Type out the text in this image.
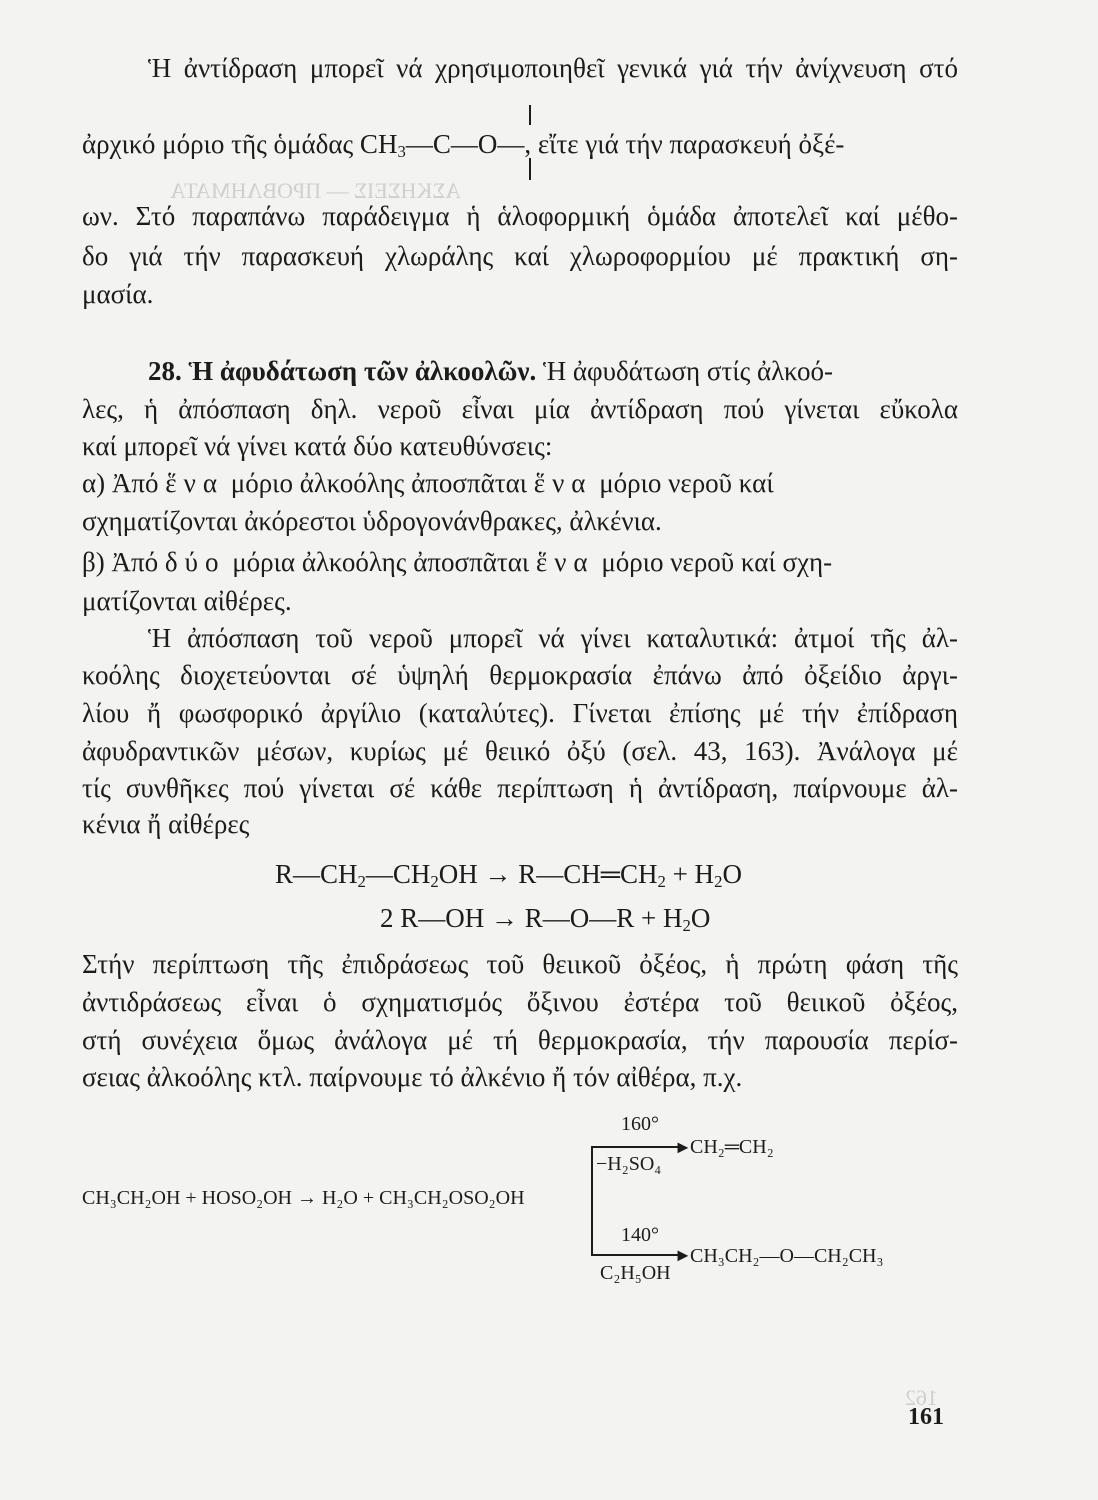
ΑΣΚΗΣΕΙΣ — ΠΡΟΒΛΗΜΑΤΑ
162
Ἡ ἀντίδραση μπορεῖ νά χρησιμοποιηθεῖ γενικά γιά τήν ἀνίχνευση στό
ἀρχικό μόριο τῆς ὁμάδας $CH_3—C—O—$, εἴτε γιά τήν παρασκευή ὀξέ-
ων. Στό παραπάνω παράδειγμα ἡ ἁλοφορμική ὁμάδα ἀποτελεῖ καί μέθο-
δο γιά τήν παρασκευή χλωράλης καί χλωροφορμίου μέ πρακτική ση-
μασία.
28. Ἡ ἀφυδάτωση τῶν ἀλκοολῶν. Ἡ ἀφυδάτωση στίς ἀλκοό-
λες, ἡ ἀπόσπαση δηλ. νεροῦ εἶναι μία ἀντίδραση πού γίνεται εὔκολα
καί μπορεῖ νά γίνει κατά δύο κατευθύνσεις:
α) Ἀπό ἕνα μόριο ἀλκοόλης ἀποσπᾶται ἕνα μόριο νεροῦ καί
σχηματίζονται ἀκόρεστοι ὑδρογονάνθρακες, ἀλκένια.
β) Ἀπό δύο μόρια ἀλκοόλης ἀποσπᾶται ἕνα μόριο νεροῦ καί σχη-
ματίζονται αἰθέρες.
Ἡ ἀπόσπαση τοῦ νεροῦ μπορεῖ νά γίνει καταλυτικά: ἀτμοί τῆς ἀλ-
κοόλης διοχετεύονται σέ ὑψηλή θερμοκρασία ἐπάνω ἀπό ὀξείδιο ἀργι-
λίου ἤ φωσφορικό ἀργίλιο (καταλύτες). Γίνεται ἐπίσης μέ τήν ἐπίδραση
ἀφυδραντικῶν μέσων, κυρίως μέ θειικό ὀξύ (σελ. 43, 163). Ἀνάλογα μέ
τίς συνθῆκες πού γίνεται σέ κάθε περίπτωση ἡ ἀντίδραση, παίρνουμε ἀλ-
κένια ἤ αἰθέρες
$R—CH_2—CH_2OH$ → $R—CH═CH_2 + H_2O$
2 R—OH → R—O—R + $H_2O$
Στήν περίπτωση τῆς ἐπιδράσεως τοῦ θειικοῦ ὀξέος, ἡ πρώτη φάση τῆς
ἀντιδράσεως εἶναι ὁ σχηματισμός ὄξινου ἐστέρα τοῦ θειικοῦ ὀξέος,
στή συνέχεια ὅμως ἀνάλογα μέ τή θερμοκρασία, τήν παρουσία περίσ-
σειας ἀλκοόλης κτλ. παίρνουμε τό ἀλκένιο ἤ τόν αἰθέρα, π.χ.
CH₃CH₂OH + HOSO₂OH → H₂O + CH₃CH₂OSO₂OH
►
160°
−H₂SO₄
CH₂═CH₂
►
140°
C₂H₅OH
CH₃CH₂—O—CH₂CH₃
161
